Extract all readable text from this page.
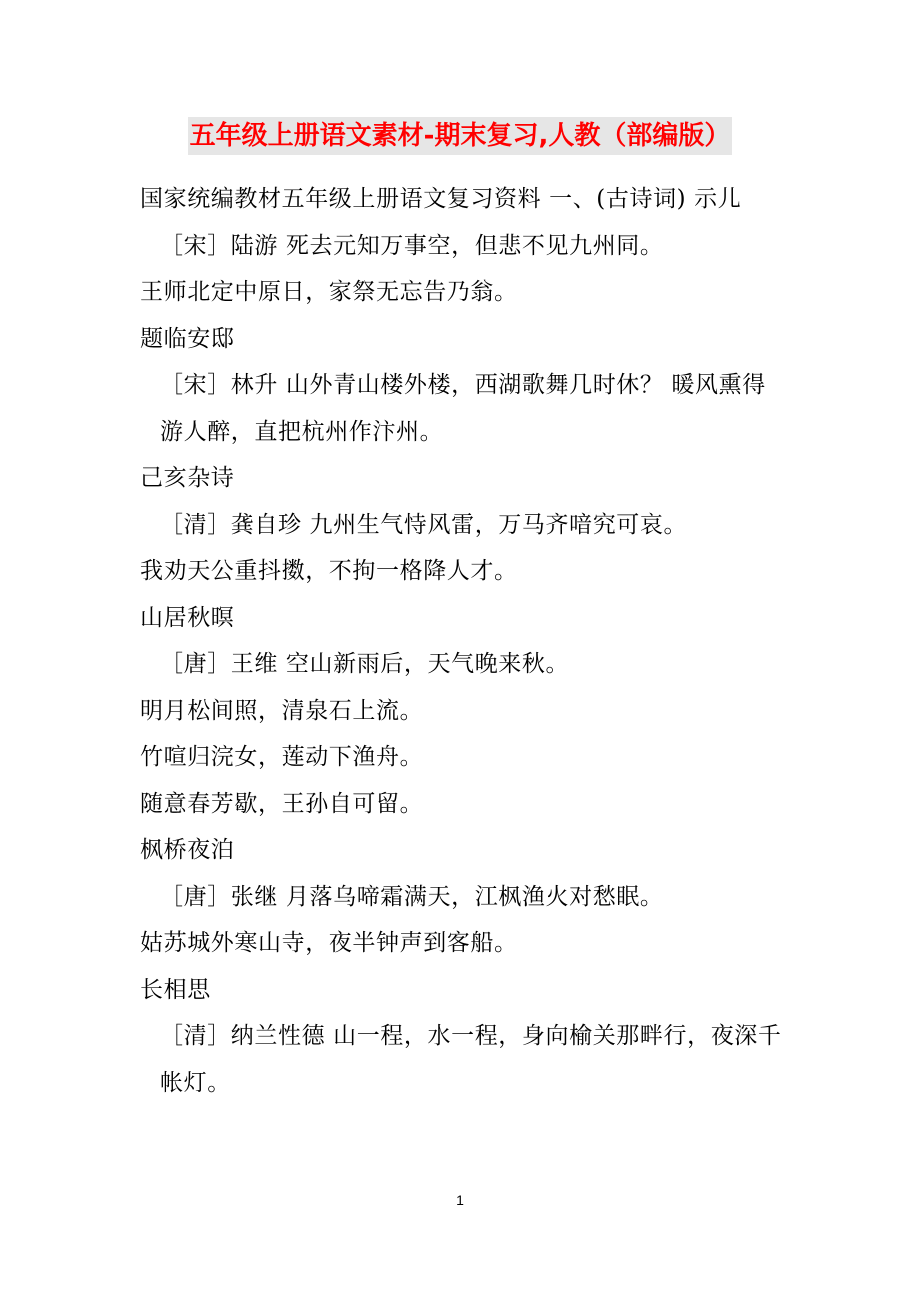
五年级上册语文素材-期末复习,人教（部编版）
国家统编教材五年级上册语文复习资料 一、(古诗词) 示儿
［宋］陆游 死去元知万事空，但悲不见九州同。
王师北定中原日，家祭无忘告乃翁。
题临安邸
［宋］林升 山外青山楼外楼，西湖歌舞几时休？ 暖风熏得游人醉，直把杭州作汴州。
己亥杂诗
［清］龚自珍 九州生气恃风雷，万马齐喑究可哀。
我劝天公重抖擞，不拘一格降人才。
山居秋暝
［唐］王维 空山新雨后，天气晚来秋。
明月松间照，清泉石上流。
竹喧归浣女，莲动下渔舟。
随意春芳歇，王孙自可留。
枫桥夜泊
［唐］张继 月落乌啼霜满天，江枫渔火对愁眠。
姑苏城外寒山寺，夜半钟声到客船。
长相思
［清］纳兰性德 山一程，水一程，身向榆关那畔行，夜深千帐灯。
1
